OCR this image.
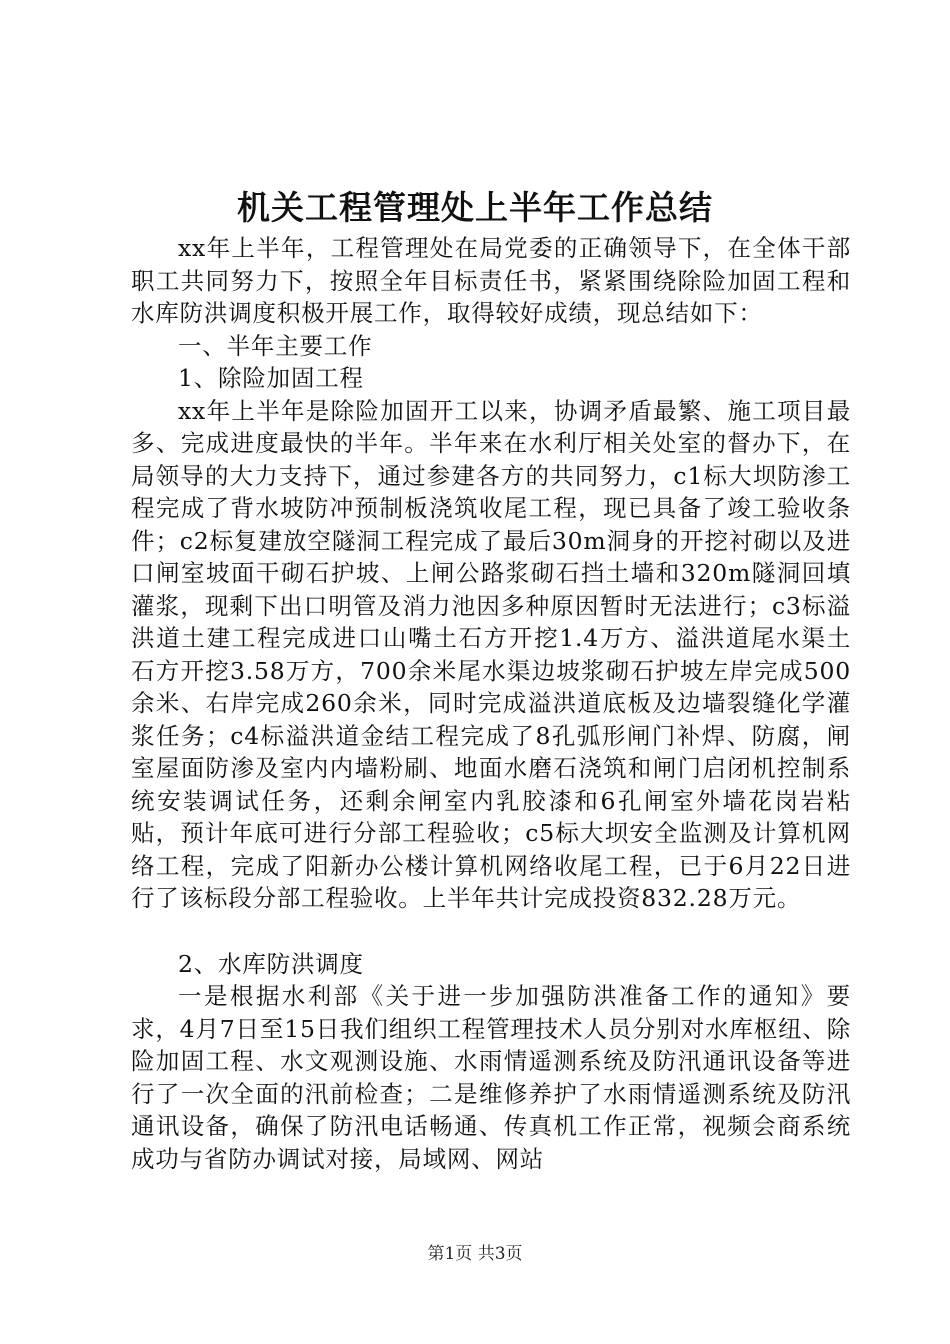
机关工程管理处上半年工作总结

xx年上半年，工程管理处在局党委的正确领导下，在全体干部职工共同努力下，按照全年目标责任书，紧紧围绕除险加固工程和水库防洪调度积极开展工作，取得较好成绩，现总结如下：

一、半年主要工作

1、除险加固工程

xx年上半年是除险加固开工以来，协调矛盾最繁、施工项目最多、完成进度最快的半年。半年来在水利厅相关处室的督办下，在局领导的大力支持下，通过参建各方的共同努力，c1标大坝防渗工程完成了背水坡防冲预制板浇筑收尾工程，现已具备了竣工验收条件；c2标复建放空隧洞工程完成了最后30m洞身的开挖衬砌以及进口闸室坡面干砌石护坡、上闸公路浆砌石挡土墙和320m隧洞回填灌浆，现剩下出口明管及消力池因多种原因暂时无法进行；c3标溢洪道土建工程完成进口山嘴土石方开挖1.4万方、溢洪道尾水渠土石方开挖3.58万方，700余米尾水渠边坡浆砌石护坡左岸完成500余米、右岸完成260余米，同时完成溢洪道底板及边墙裂缝化学灌浆任务；c4标溢洪道金结工程完成了8孔弧形闸门补焊、防腐，闸室屋面防渗及室内内墙粉刷、地面水磨石浇筑和闸门启闭机控制系统安装调试任务，还剩余闸室内乳胶漆和6孔闸室外墙花岗岩粘贴，预计年底可进行分部工程验收；c5标大坝安全监测及计算机网络工程，完成了阳新办公楼计算机网络收尾工程，已于6月22日进行了该标段分部工程验收。上半年共计完成投资832.28万元。

2、水库防洪调度

一是根据水利部《关于进一步加强防洪准备工作的通知》要求，4月7日至15日我们组织工程管理技术人员分别对水库枢纽、除险加固工程、水文观测设施、水雨情遥测系统及防汛通讯设备等进行了一次全面的汛前检查；二是维修养护了水雨情遥测系统及防汛通讯设备，确保了防汛电话畅通、传真机工作正常，视频会商系统成功与省防办调试对接，局域网、网站

第1页 共3页
